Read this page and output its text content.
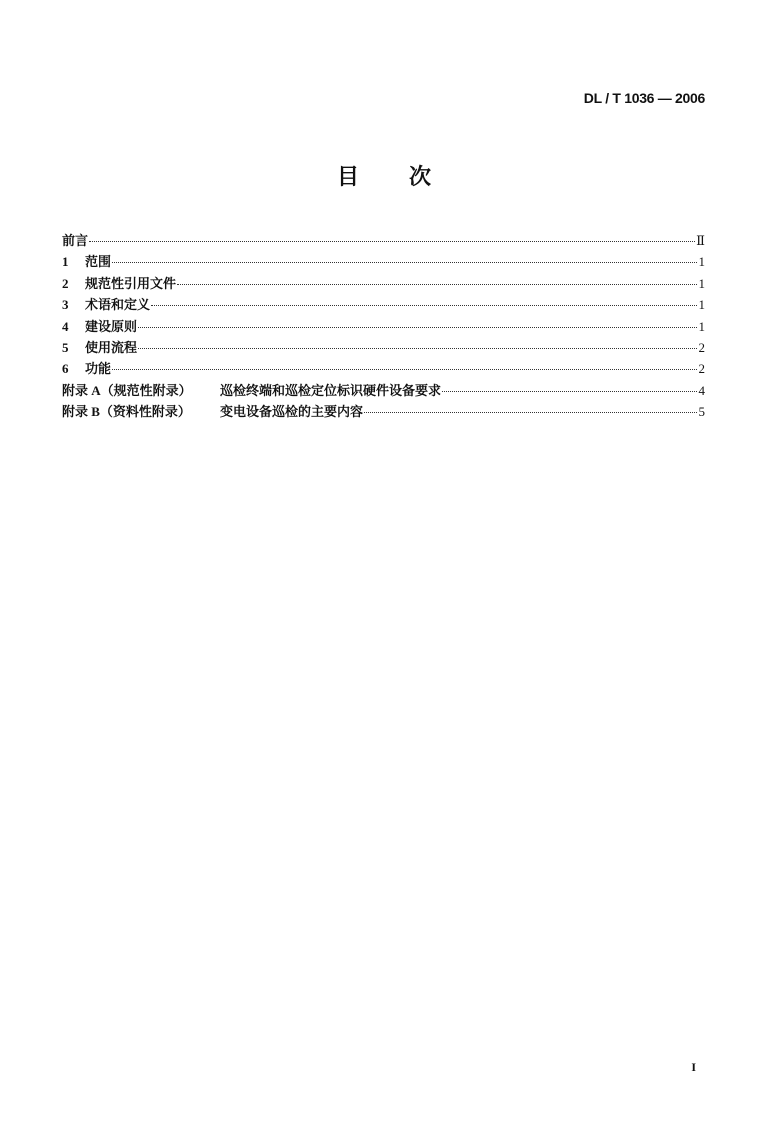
DL / T 1036 — 2006
目　次
前言	Ⅱ
1	范围	1
2	规范性引用文件	1
3	术语和定义	1
4	建设原则	1
5	使用流程	2
6	功能	2
附录 A（规范性附录）	巡检终端和巡检定位标识硬件设备要求	4
附录 B（资料性附录）	变电设备巡检的主要内容	5
I
